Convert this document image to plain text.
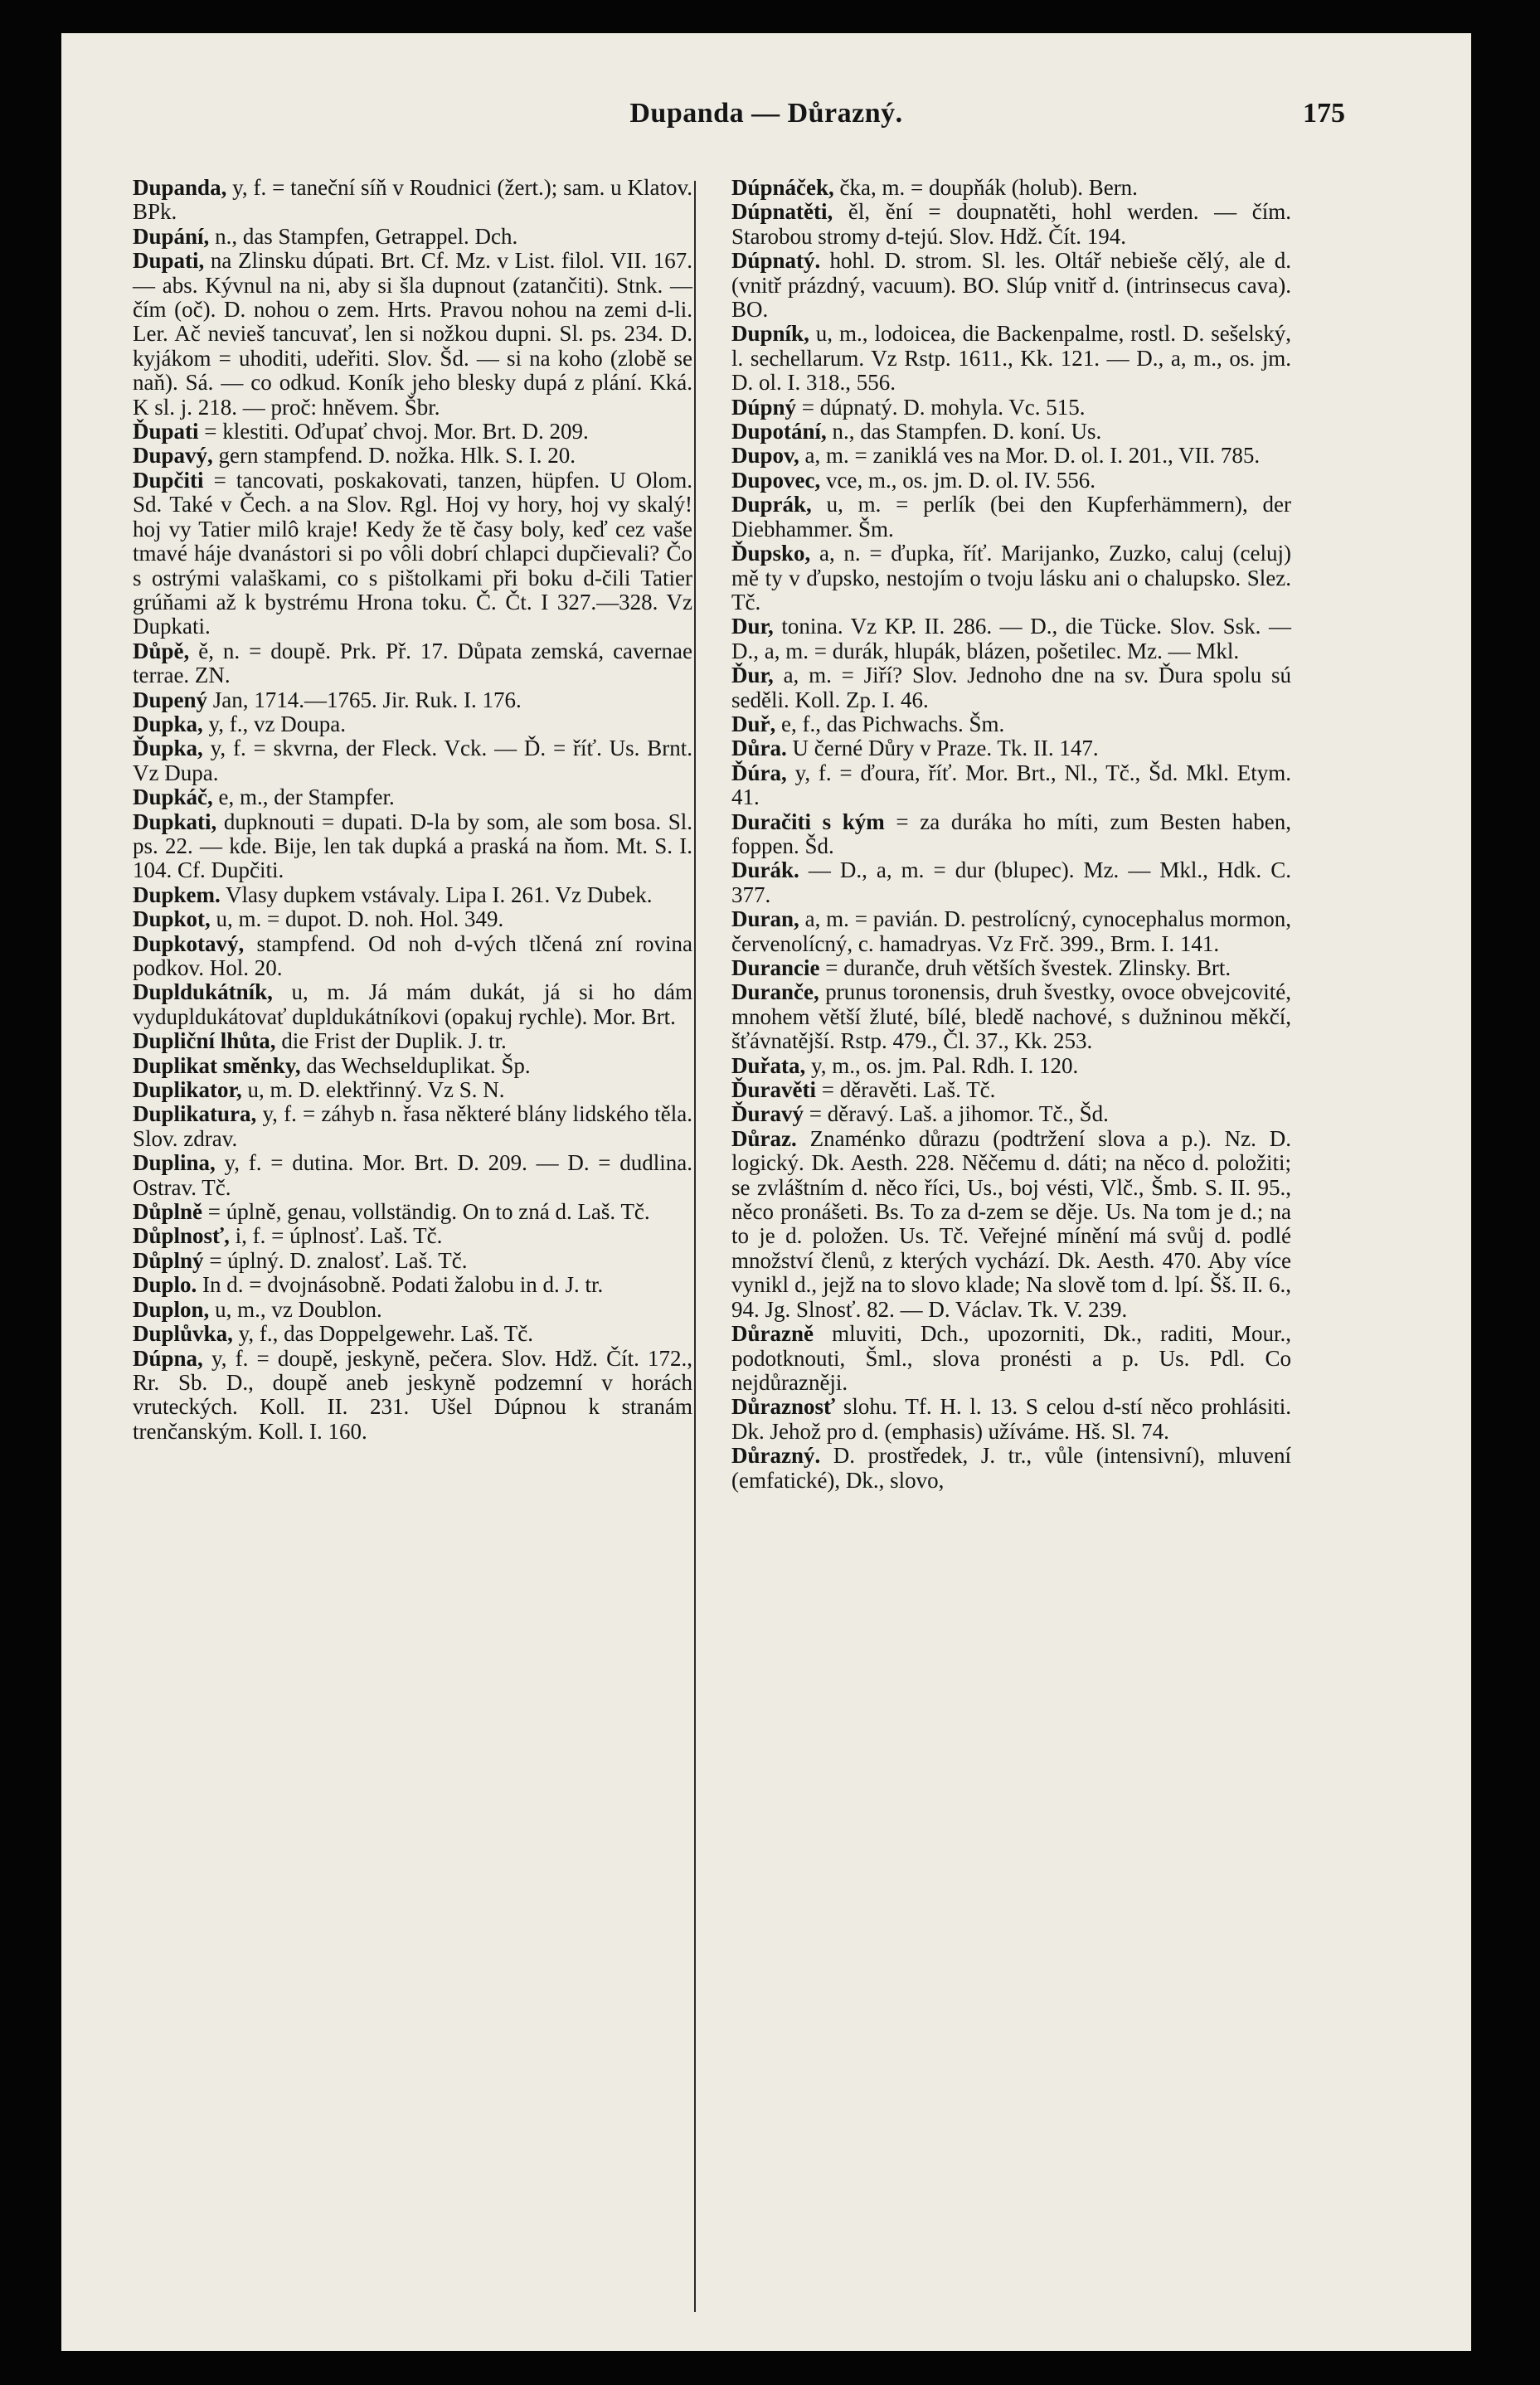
Dupanda — Důrazný.	175

Dupanda, y, f. = taneční síň v Roudnici (žert.); sam. u Klatov. BPk.

Dupání, n., das Stampfen, Getrappel. Dch.

Dupati, na Zlinsku dúpati. Brt. Cf. Mz. v List. filol. VII. 167. — abs. Kývnul na ni, aby si šla dupnout (zatančiti). Stnk. — čím (oč). D. nohou o zem. Hrts. Pravou nohou na zemi d-li. Ler. Ač nevieš tancuvať, len si nožkou dupni. Sl. ps. 234. D. kyjákom = uhoditi, udeřiti. Slov. Šd. — si na koho (zlobě se naň). Sá. — co odkud. Koník jeho blesky dupá z plání. Kká. K sl. j. 218. — proč: hněvem. Šbr.

Ďupati = klestiti. Oďupať chvoj. Mor. Brt. D. 209.

Dupavý, gern stampfend. D. nožka. Hlk. S. I. 20.

Dupčiti = tancovati, poskakovati, tanzen, hüpfen. U Olom. Sd. Také v Čech. a na Slov. Rgl. Hoj vy hory, hoj vy skalý! hoj vy Tatier milô kraje! Kedy že tě časy boly, keď cez vaše tmavé háje dvanástori si po vôli dobrí chlapci dupčievali? Čo s ostrými valaškami, co s pištolkami při boku d-čili Tatier grúňami až k bystrému Hrona toku. Č. Čt. I 327.—328. Vz Dupkati.

Důpě, ě, n. = doupě. Prk. Př. 17. Důpata zemská, cavernae terrae. ZN.

Dupený Jan, 1714.—1765. Jir. Ruk. I. 176.

Dupka, y, f., vz Doupa.

Ďupka, y, f. = skvrna, der Fleck. Vck. — Ď. = říť. Us. Brnt. Vz Dupa.

Dupkáč, e, m., der Stampfer.

Dupkati, dupknouti = dupati. D-la by som, ale som bosa. Sl. ps. 22. — kde. Bije, len tak dupká a praská na ňom. Mt. S. I. 104. Cf. Dupčiti.

Dupkem. Vlasy dupkem vstávaly. Lipa I. 261. Vz Dubek.

Dupkot, u, m. = dupot. D. noh. Hol. 349.

Dupkotavý, stampfend. Od noh d-vých tlčená zní rovina podkov. Hol. 20.

Dupldukátník, u, m. Já mám dukát, já si ho dám vydupldukátovať dupldukátníkovi (opakuj rychle). Mor. Brt.

Dupliční lhůta, die Frist der Duplik. J. tr.

Duplikat směnky, das Wechselduplikat. Šp.

Duplikator, u, m. D. elektřinný. Vz S. N.

Duplikatura, y, f. = záhyb n. řasa některé blány lidského těla. Slov. zdrav.

Duplina, y, f. = dutina. Mor. Brt. D. 209. — D. = dudlina. Ostrav. Tč.

Důplně = úplně, genau, vollständig. On to zná d. Laš. Tč.

Důplnosť, i, f. = úplnosť. Laš. Tč.

Důplný = úplný. D. znalosť. Laš. Tč.

Duplo. In d. = dvojnásobně. Podati žalobu in d. J. tr.

Duplon, u, m., vz Doublon.

Duplůvka, y, f., das Doppelgewehr. Laš. Tč.

Dúpna, y, f. = doupě, jeskyně, pečera. Slov. Hdž. Čít. 172., Rr. Sb. D., doupě aneb jeskyně podzemní v horách vruteckých. Koll. II. 231. Ušel Dúpnou k stranám trenčanským. Koll. I. 160.

Dúpnáček, čka, m. = doupňák (holub). Bern.

Dúpnatěti, ěl, ění = doupnatěti, hohl werden. — čím. Starobou stromy d-tejú. Slov. Hdž. Čít. 194.

Dúpnatý. hohl. D. strom. Sl. les. Oltář nebieše cělý, ale d. (vnitř prázdný, vacuum). BO. Slúp vnitř d. (intrinsecus cava). BO.

Dupník, u, m., lodoicea, die Backenpalme, rostl. D. sešelský, l. sechellarum. Vz Rstp. 1611., Kk. 121. — D., a, m., os. jm. D. ol. I. 318., 556.

Dúpný = dúpnatý. D. mohyla. Vc. 515.

Dupotání, n., das Stampfen. D. koní. Us.

Dupov, a, m. = zaniklá ves na Mor. D. ol. I. 201., VII. 785.

Dupovec, vce, m., os. jm. D. ol. IV. 556.

Duprák, u, m. = perlík (bei den Kupferhämmern), der Diebhammer. Šm.

Ďupsko, a, n. = ďupka, říť. Marijanko, Zuzko, caluj (celuj) mě ty v ďupsko, nestojím o tvoju lásku ani o chalupsko. Slez. Tč.

Dur, tonina. Vz KP. II. 286. — D., die Tücke. Slov. Ssk. — D., a, m. = durák, hlupák, blázen, pošetilec. Mz. — Mkl.

Ďur, a, m. = Jiří? Slov. Jednoho dne na sv. Ďura spolu sú seděli. Koll. Zp. I. 46.

Duř, e, f., das Pichwachs. Šm.

Důra. U černé Důry v Praze. Tk. II. 147.

Ďúra, y, f. = ďoura, říť. Mor. Brt., Nl., Tč., Šd. Mkl. Etym. 41.

Duračiti s kým = za duráka ho míti, zum Besten haben, foppen. Šd.

Durák. — D., a, m. = dur (blupec). Mz. — Mkl., Hdk. C. 377.

Duran, a, m. = pavián. D. pestrolícný, cynocephalus mormon, červenolícný, c. hamadryas. Vz Frč. 399., Brm. I. 141.

Durancie = duranče, druh větších švestek. Zlinsky. Brt.

Duranče, prunus toronensis, druh švestky, ovoce obvejcovité, mnohem větší žluté, bílé, bledě nachové, s dužninou měkčí, šťávnatější. Rstp. 479., Čl. 37., Kk. 253.

Duřata, y, m., os. jm. Pal. Rdh. I. 120.

Ďuravěti = děravěti. Laš. Tč.

Ďuravý = děravý. Laš. a jihomor. Tč., Šd.

Důraz. Znaménko důrazu (podtržení slova a p.). Nz. D. logický. Dk. Aesth. 228. Něčemu d. dáti; na něco d. položiti; se zvláštním d. něco říci, Us., boj vésti, Vlč., Šmb. S. II. 95., něco pronášeti. Bs. To za d-zem se děje. Us. Na tom je d.; na to je d. položen. Us. Tč. Veřejné mínění má svůj d. podlé množství členů, z kterých vychází. Dk. Aesth. 470. Aby více vynikl d., jejž na to slovo klade; Na slově tom d. lpí. Šš. II. 6., 94. Jg. Slnosť. 82. — D. Václav. Tk. V. 239.

Důrazně mluviti, Dch., upozorniti, Dk., raditi, Mour., podotknouti, Šml., slova pronésti a p. Us. Pdl. Co nejdůrazněji.

Důraznosť slohu. Tf. H. l. 13. S celou d-stí něco prohlásiti. Dk. Jehož pro d. (emphasis) užíváme. Hš. Sl. 74.

Důrazný. D. prostředek, J. tr., vůle (intensivní), mluvení (emfatické), Dk., slovo,
